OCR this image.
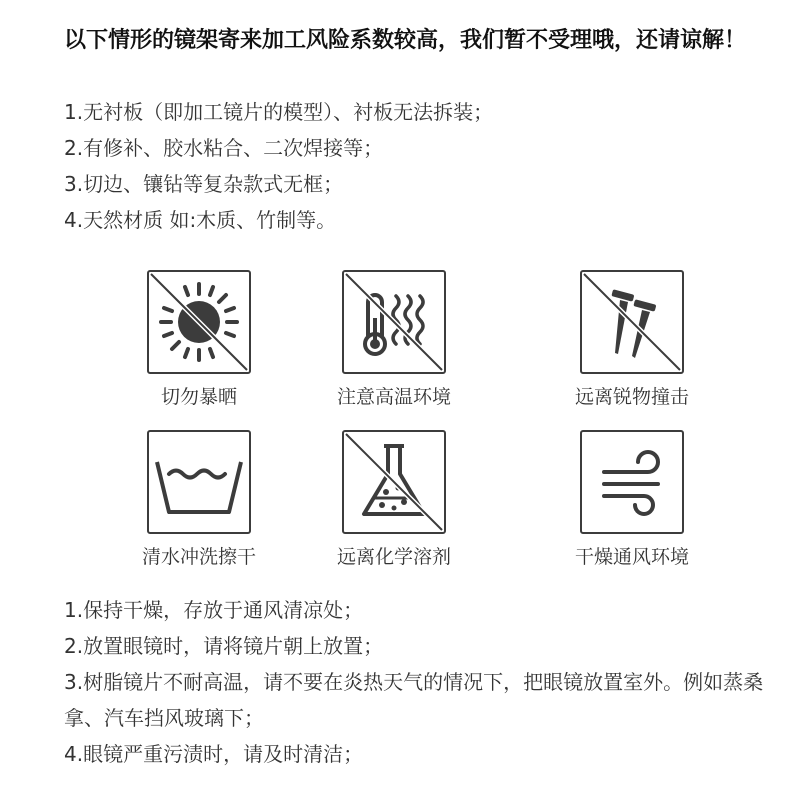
以下情形的镜架寄来加工风险系数较高，我们暂不受理哦，还请谅解！
1.无衬板（即加工镜片的模型）、衬板无法拆装；
2.有修补、胶水粘合、二次焊接等；
3.切边、镶钻等复杂款式无框；
4.天然材质 如:木质、竹制等。
切勿暴晒	注意高温环境	远离锐物撞击
清水冲洗擦干	远离化学溶剂	干燥通风环境
1.保持干燥，存放于通风清凉处；
2.放置眼镜时，请将镜片朝上放置；
3.树脂镜片不耐高温，请不要在炎热天气的情况下，把眼镜放置室外。例如蒸桑拿、汽车挡风玻璃下；
4.眼镜严重污渍时，请及时清洁；
